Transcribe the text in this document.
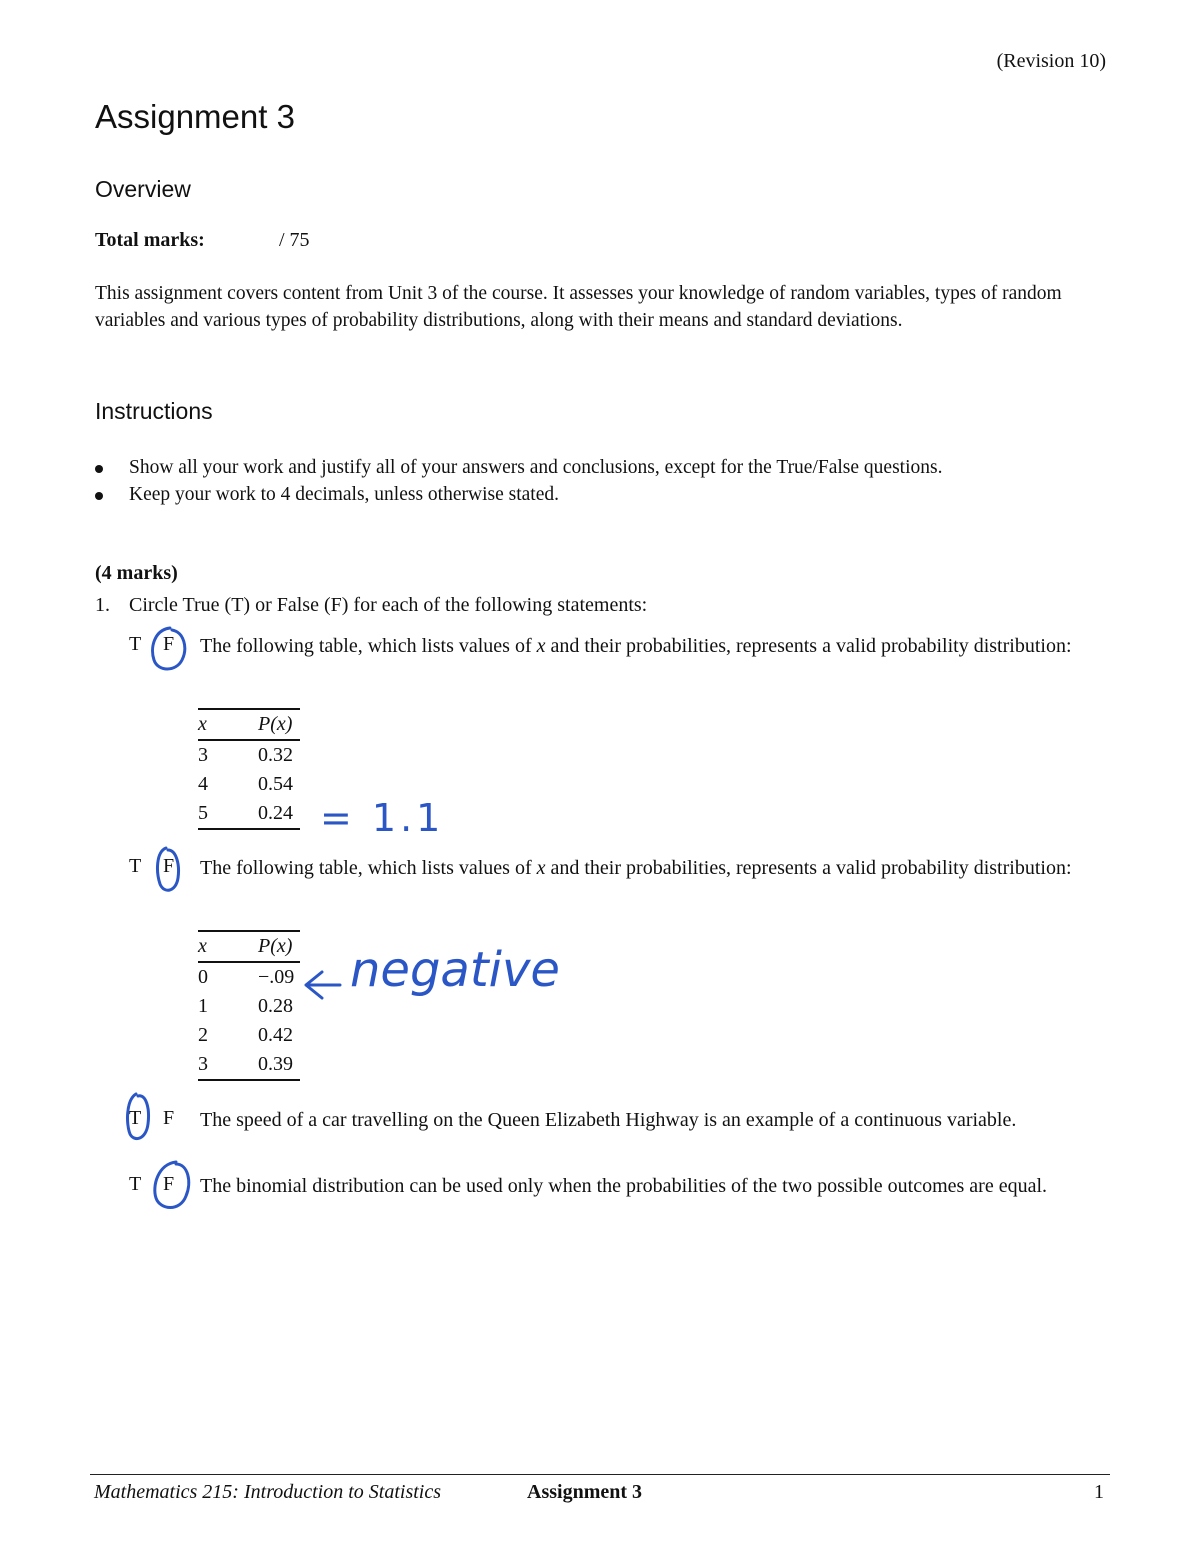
(Revision 10)
Assignment 3
Overview
Total marks:	/ 75

This assignment covers content from Unit 3 of the course. It assesses your knowledge of random variables, types of random variables and various types of probability distributions, along with their means and standard deviations.

Instructions
Show all your work and justify all of your answers and conclusions, except for the True/False questions.
Keep your work to 4 decimals, unless otherwise stated.
(4 marks)
1. Circle True (T) or False (F) for each of the following statements:
T F The following table, which lists values of x and their probabilities, represents a valid probability distribution:

x	P(x)
3	0.32
4	0.54
5	0.24
T F The following table, which lists values of x and their probabilities, represents a valid probability distribution:

x	P(x)
0	−.09
1	0.28
2	0.42
3	0.39
T F The speed of a car travelling on the Queen Elizabeth Highway is an example of a continuous variable.

T F The binomial distribution can be used only when the probabilities of the two possible outcomes are equal.

= 1.1
negative
Mathematics 215: Introduction to Statistics	Assignment 3	1
